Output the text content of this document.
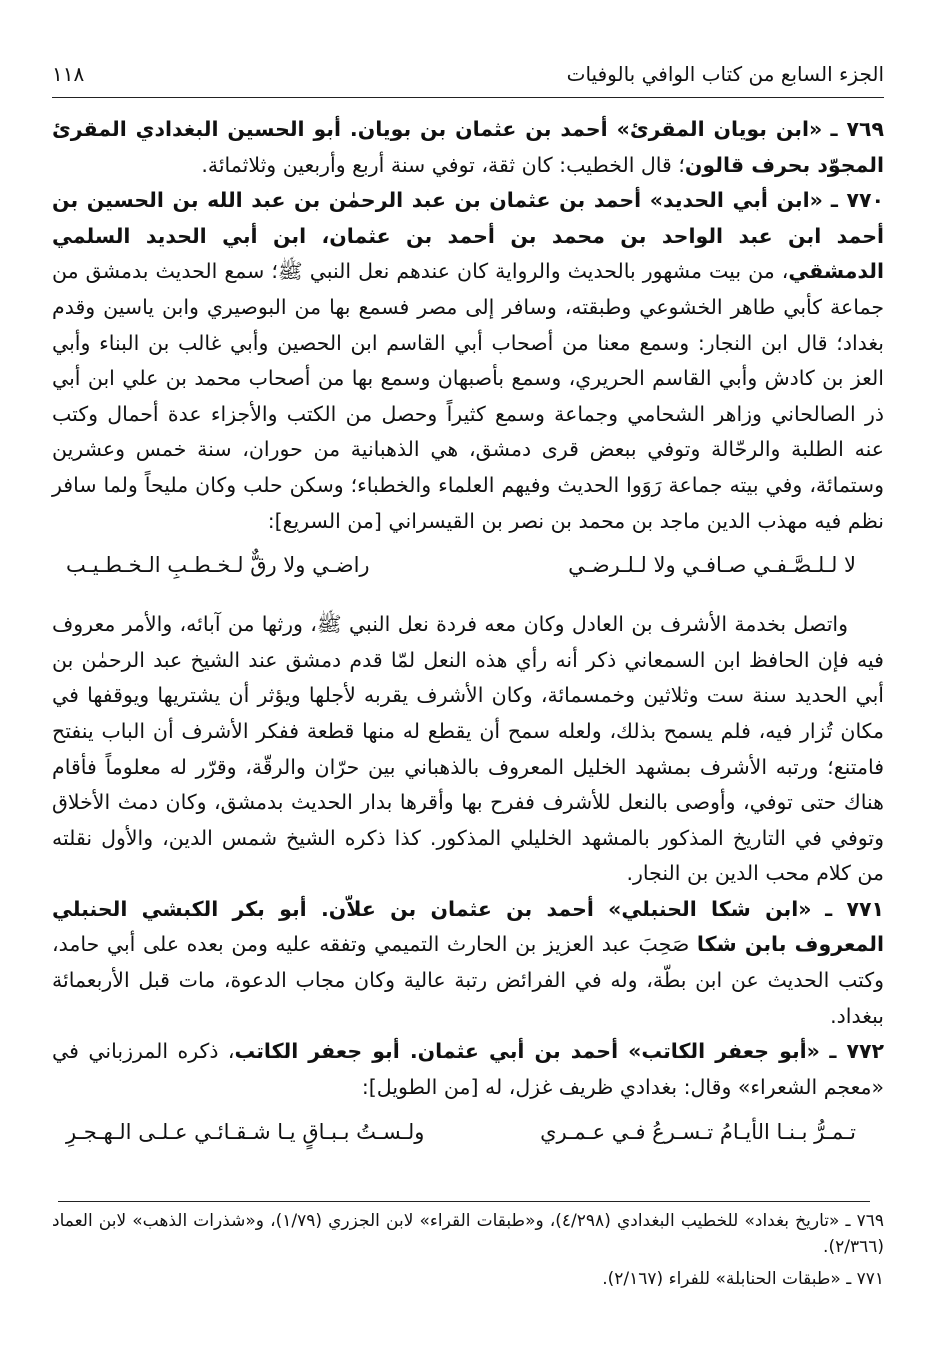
الجزء السابع من كتاب الوافي بالوفيات
١١٨

٧٦٩ ـ «ابن بويان المقرئ» أحمد بن عثمان بن بويان. أبو الحسين البغدادي المقرئ المجوّد بحرف قالون؛ قال الخطيب: كان ثقة، توفي سنة أربع وأربعين وثلاثمائة.

٧٧٠ ـ «ابن أبي الحديد» أحمد بن عثمان بن عبد الرحمٰن بن عبد الله بن الحسين بن أحمد ابن عبد الواحد بن محمد بن أحمد بن عثمان، ابن أبي الحديد السلمي الدمشقي، من بيت مشهور بالحديث والرواية كان عندهم نعل النبي ﷺ؛ سمع الحديث بدمشق من جماعة كأبي طاهر الخشوعي وطبقته، وسافر إلى مصر فسمع بها من البوصيري وابن ياسين وقدم بغداد؛ قال ابن النجار: وسمع معنا من أصحاب أبي القاسم ابن الحصين وأبي غالب بن البناء وأبي العز بن كادش وأبي القاسم الحريري، وسمع بأصبهان وسمع بها من أصحاب محمد بن علي ابن أبي ذر الصالحاني وزاهر الشحامي وجماعة وسمع كثيراً وحصل من الكتب والأجزاء عدة أحمال وكتب عنه الطلبة والرحّالة وتوفي ببعض قرى دمشق، هي الذهبانية من حوران، سنة خمس وعشرين وستمائة، وفي بيته جماعة رَوَوا الحديث وفيهم العلماء والخطباء؛ وسكن حلب وكان مليحاً ولما سافر نظم فيه مهذب الدين ماجد بن محمد بن نصر بن القيسراني [من السريع]:

لا لـلـصَّـفـي صـافـي ولا لـلـرضـي
راضـي ولا رقٌّ لـخـطـبِ الـخـطـيـب

واتصل بخدمة الأشرف بن العادل وكان معه فردة نعل النبي ﷺ، ورثها من آبائه، والأمر معروف فيه فإن الحافظ ابن السمعاني ذكر أنه رأي هذه النعل لمّا قدم دمشق عند الشيخ عبد الرحمٰن بن أبي الحديد سنة ست وثلاثين وخمسمائة، وكان الأشرف يقربه لأجلها ويؤثر أن يشتريها ويوقفها في مكان تُزار فيه، فلم يسمح بذلك، ولعله سمح أن يقطع له منها قطعة ففكر الأشرف أن الباب ينفتح فامتنع؛ ورتبه الأشرف بمشهد الخليل المعروف بالذهباني بين حرّان والرقّة، وقرّر له معلوماً فأقام هناك حتى توفي، وأوصى بالنعل للأشرف ففرح بها وأقرها بدار الحديث بدمشق، وكان دمث الأخلاق وتوفي في التاريخ المذكور بالمشهد الخليلي المذكور. كذا ذكره الشيخ شمس الدين، والأول نقلته من كلام محب الدين بن النجار.

٧٧١ ـ «ابن شكا الحنبلي» أحمد بن عثمان بن علاّن. أبو بكر الكبشي الحنبلي المعروف بابن شكا صَحِبَ عبد العزيز بن الحارث التميمي وتفقه عليه ومن بعده على أبي حامد، وكتب الحديث عن ابن بطّة، وله في الفرائض رتبة عالية وكان مجاب الدعوة، مات قبل الأربعمائة ببغداد.

٧٧٢ ـ «أبو جعفر الكاتب» أحمد بن أبي عثمان. أبو جعفر الكاتب، ذكره المرزباني في «معجم الشعراء» وقال: بغدادي ظريف غزل، له [من الطويل]:

تـمـرُّ بـنـا الأيـامُ تـسـرعُ فـي عـمـري
ولـسـتُ بـبـاقٍ يـا شـقـائـي عـلـى الـهـجـرِ

٧٦٩ ـ «تاريخ بغداد» للخطيب البغدادي (٤/٢٩٨)، و«طبقات القراء» لابن الجزري (١/٧٩)، و«شذرات الذهب» لابن العماد (٢/٣٦٦).

٧٧١ ـ «طبقات الحنابلة» للفراء (٢/١٦٧).
